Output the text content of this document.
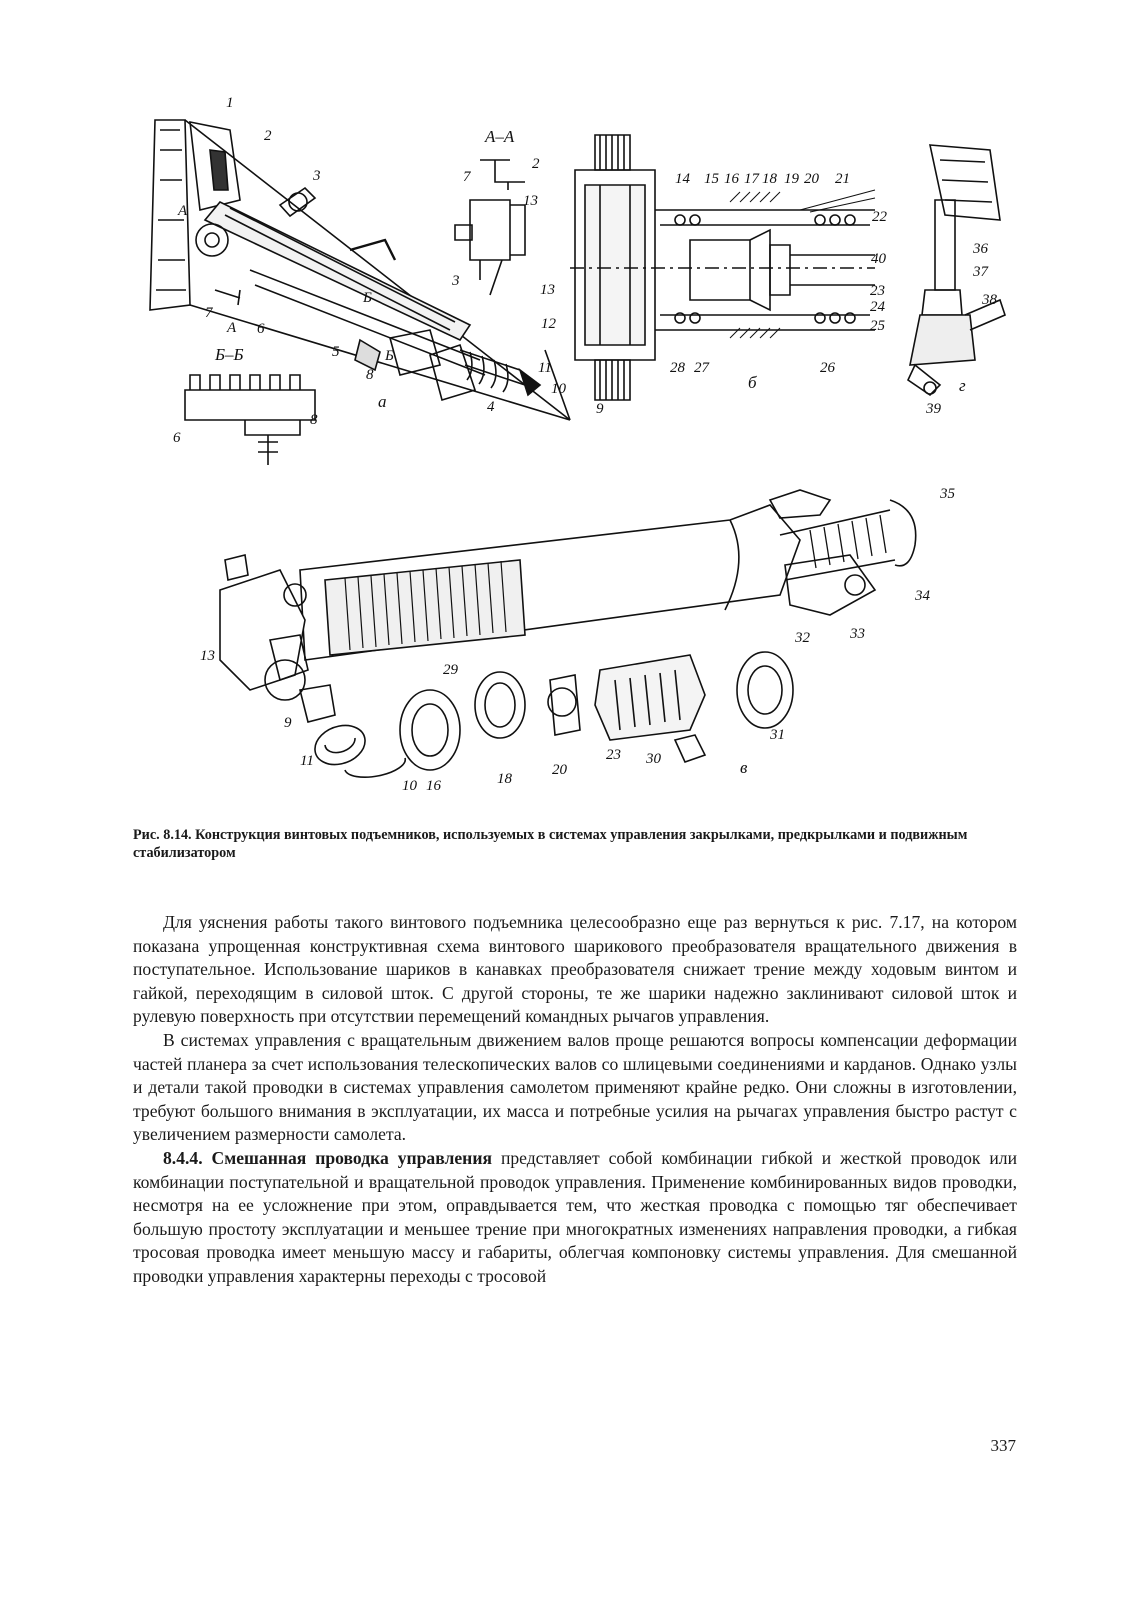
1
2
3
4
5
6
6
7
7
8
8
3
2
13
9
10
11
12
13
14 15 16 17 18 19 20 21
22
23
24
25
26
27
28
36
37
38
39
40
35
34
33
32
29
13
9
11
10 16	18
20
23 30
31
А–А
Б–Б
А
А
Б
Б
а
б	г
в
Рис. 8.14. Конструкция винтовых подъемников, используемых в системах управления закрылками, предкрылками и подвижным стабилизатором

Для уяснения работы такого винтового подъемника целесообразно еще раз вернуться к рис. 7.17, на котором показана упрощенная конструктивная схема винтового шарикового преобразователя вращательного движения в поступательное. Использование шариков в канавках преобразователя снижает трение между ходовым винтом и гайкой, переходящим в силовой шток. С другой стороны, те же шарики надежно заклинивают силовой шток и рулевую поверхность при отсутствии перемещений командных рычагов управления.

В системах управления с вращательным движением валов проще решаются вопросы компенсации деформации частей планера за счет использования телескопических валов со шлицевыми соединениями и карданов. Однако узлы и детали такой проводки в системах управления самолетом применяют крайне редко. Они сложны в изготовлении, требуют большого внимания в эксплуатации, их масса и потребные усилия на рычагах управления быстро растут с увеличением размерности самолета.

8.4.4. Смешанная проводка управления представляет собой комбинации гибкой и жесткой проводок или комбинации поступательной и вращательной проводок управления. Применение комбинированных видов проводки, несмотря на ее усложнение при этом, оправдывается тем, что жесткая проводка с помощью тяг обеспечивает большую простоту эксплуатации и меньшее трение при многократных изменениях направления проводки, а гибкая тросовая проводка имеет меньшую массу и габариты, облегчая компоновку системы управления. Для смешанной проводки управления характерны переходы с тросовой

337
